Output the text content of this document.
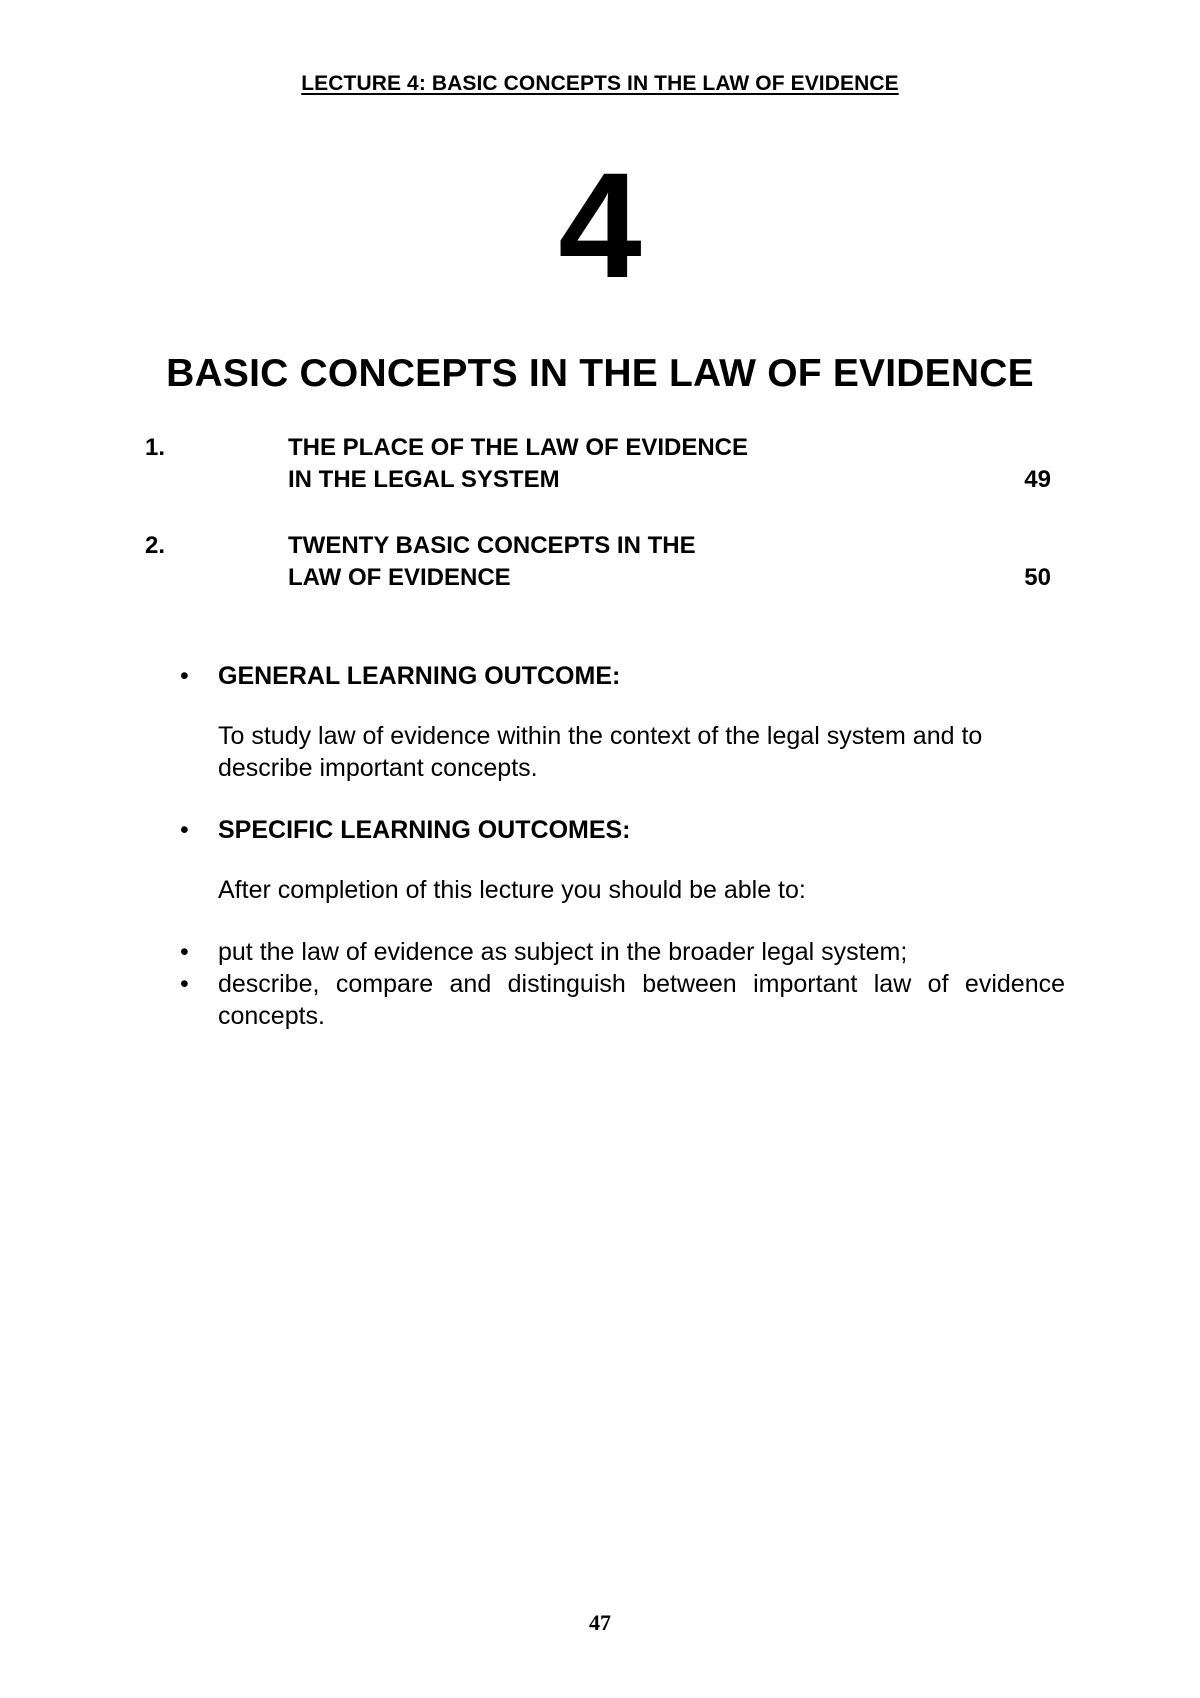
LECTURE 4: BASIC CONCEPTS IN THE LAW OF EVIDENCE
4
BASIC CONCEPTS IN THE LAW OF EVIDENCE
1.	THE PLACE OF THE LAW OF EVIDENCE
IN THE LEGAL SYSTEM	49
2.	TWENTY BASIC CONCEPTS IN THE
LAW OF EVIDENCE	50
• GENERAL LEARNING OUTCOME:
To study law of evidence within the context of the legal system and to describe important concepts.
• SPECIFIC LEARNING OUTCOMES:
After completion of this lecture you should be able to:
• put the law of evidence as subject in the broader legal system;
• describe, compare and distinguish between important law of evidence concepts.
47
